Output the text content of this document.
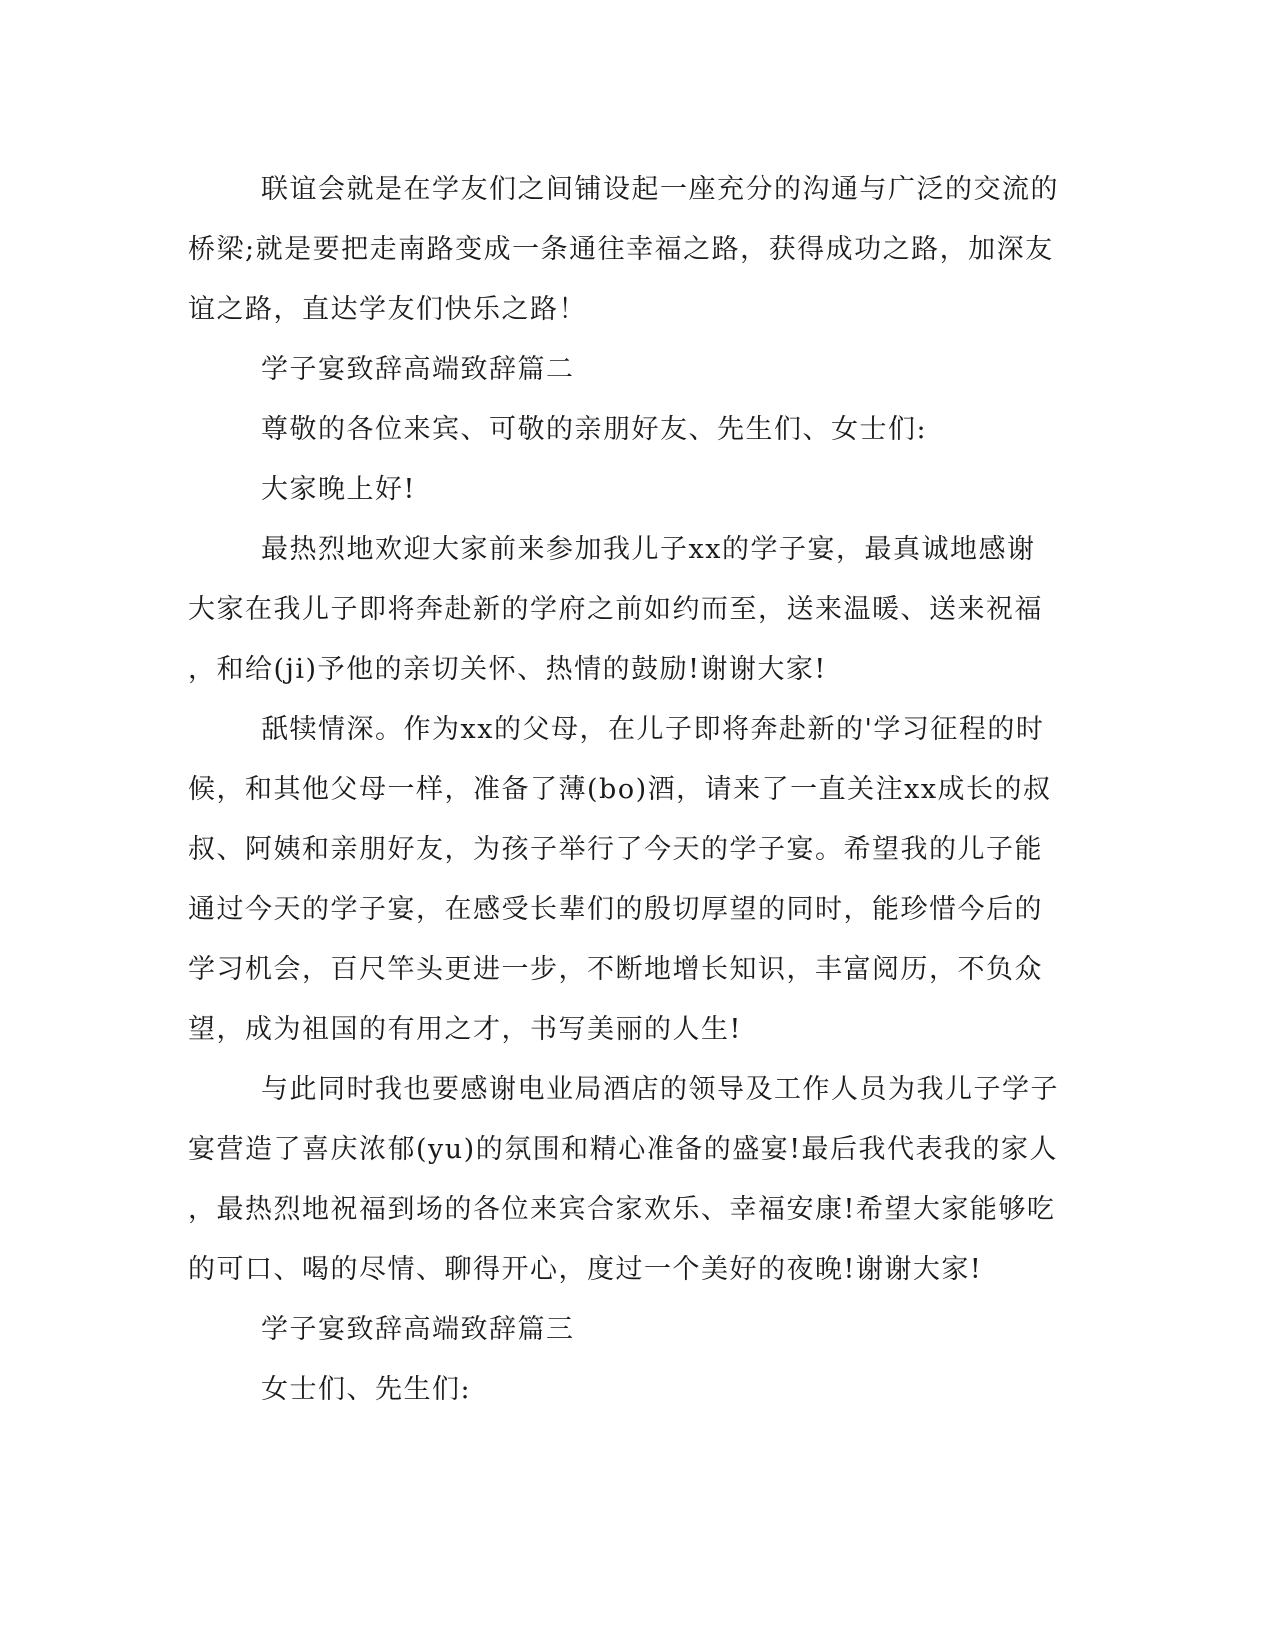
联谊会就是在学友们之间铺设起一座充分的沟通与广泛的交流的
桥梁;就是要把走南路变成一条通往幸福之路，获得成功之路，加深友
谊之路，直达学友们快乐之路！
学子宴致辞高端致辞篇二
尊敬的各位来宾、可敬的亲朋好友、先生们、女士们:
大家晚上好!
最热烈地欢迎大家前来参加我儿子xx的学子宴，最真诚地感谢
大家在我儿子即将奔赴新的学府之前如约而至，送来温暖、送来祝福
，和给(ji)予他的亲切关怀、热情的鼓励!谢谢大家!
舐犊情深。作为xx的父母，在儿子即将奔赴新的'学习征程的时
候，和其他父母一样，准备了薄(bo)酒，请来了一直关注xx成长的叔
叔、阿姨和亲朋好友，为孩子举行了今天的学子宴。希望我的儿子能
通过今天的学子宴，在感受长辈们的殷切厚望的同时，能珍惜今后的
学习机会，百尺竿头更进一步，不断地增长知识，丰富阅历，不负众
望，成为祖国的有用之才，书写美丽的人生!
与此同时我也要感谢电业局酒店的领导及工作人员为我儿子学子
宴营造了喜庆浓郁(yu)的氛围和精心准备的盛宴!最后我代表我的家人
，最热烈地祝福到场的各位来宾合家欢乐、幸福安康!希望大家能够吃
的可口、喝的尽情、聊得开心，度过一个美好的夜晚!谢谢大家!
学子宴致辞高端致辞篇三
女士们、先生们:
